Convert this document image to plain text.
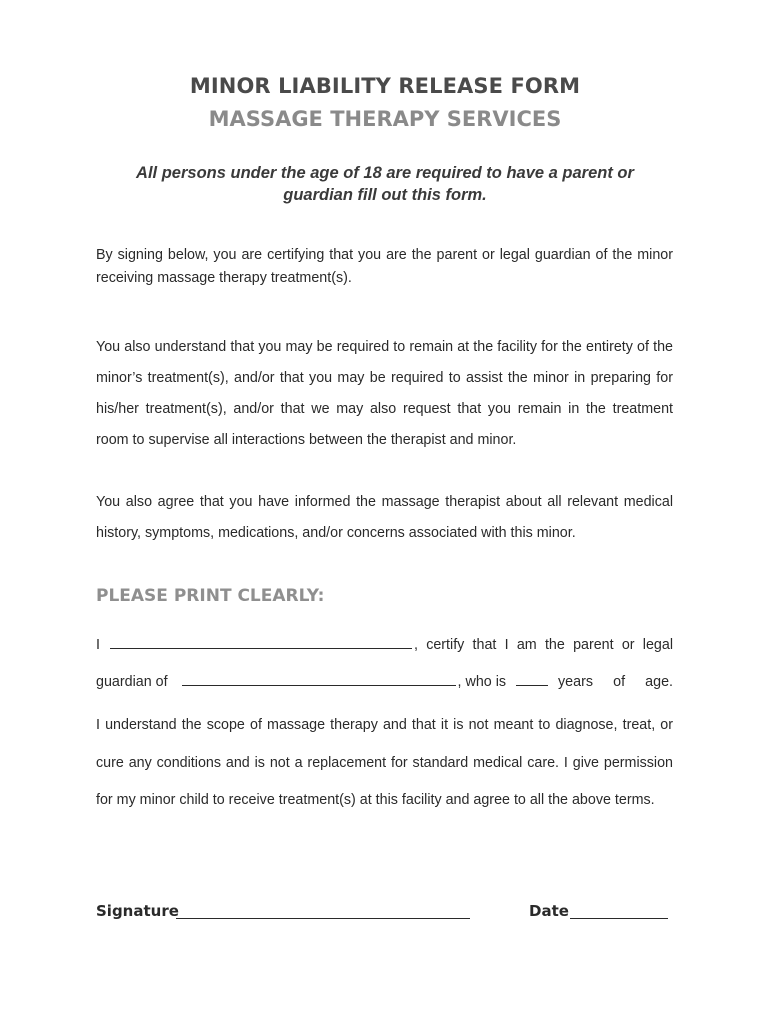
MINOR LIABILITY RELEASE FORM
MASSAGE THERAPY SERVICES
All persons under the age of 18 are required to have a parent or guardian fill out this form.
By signing below, you are certifying that you are the parent or legal guardian of the minor receiving massage therapy treatment(s).
You also understand that you may be required to remain at the facility for the entirety of the minor’s treatment(s), and/or that you may be required to assist the minor in preparing for his/her treatment(s), and/or that we may also request that you remain in the treatment room to supervise all interactions between the therapist and minor.
You also agree that you have informed the massage therapist about all relevant medical history, symptoms, medications, and/or concerns associated with this minor.
PLEASE PRINT CLEARLY:
I	, certify that I am the parent or legal
guardian of	, who is	years of age.
I understand the scope of massage therapy and that it is not meant to diagnose, treat, or cure any conditions and is not a replacement for standard medical care. I give permission for my minor child to receive treatment(s) at this facility and agree to all the above terms.
Signature	Date
